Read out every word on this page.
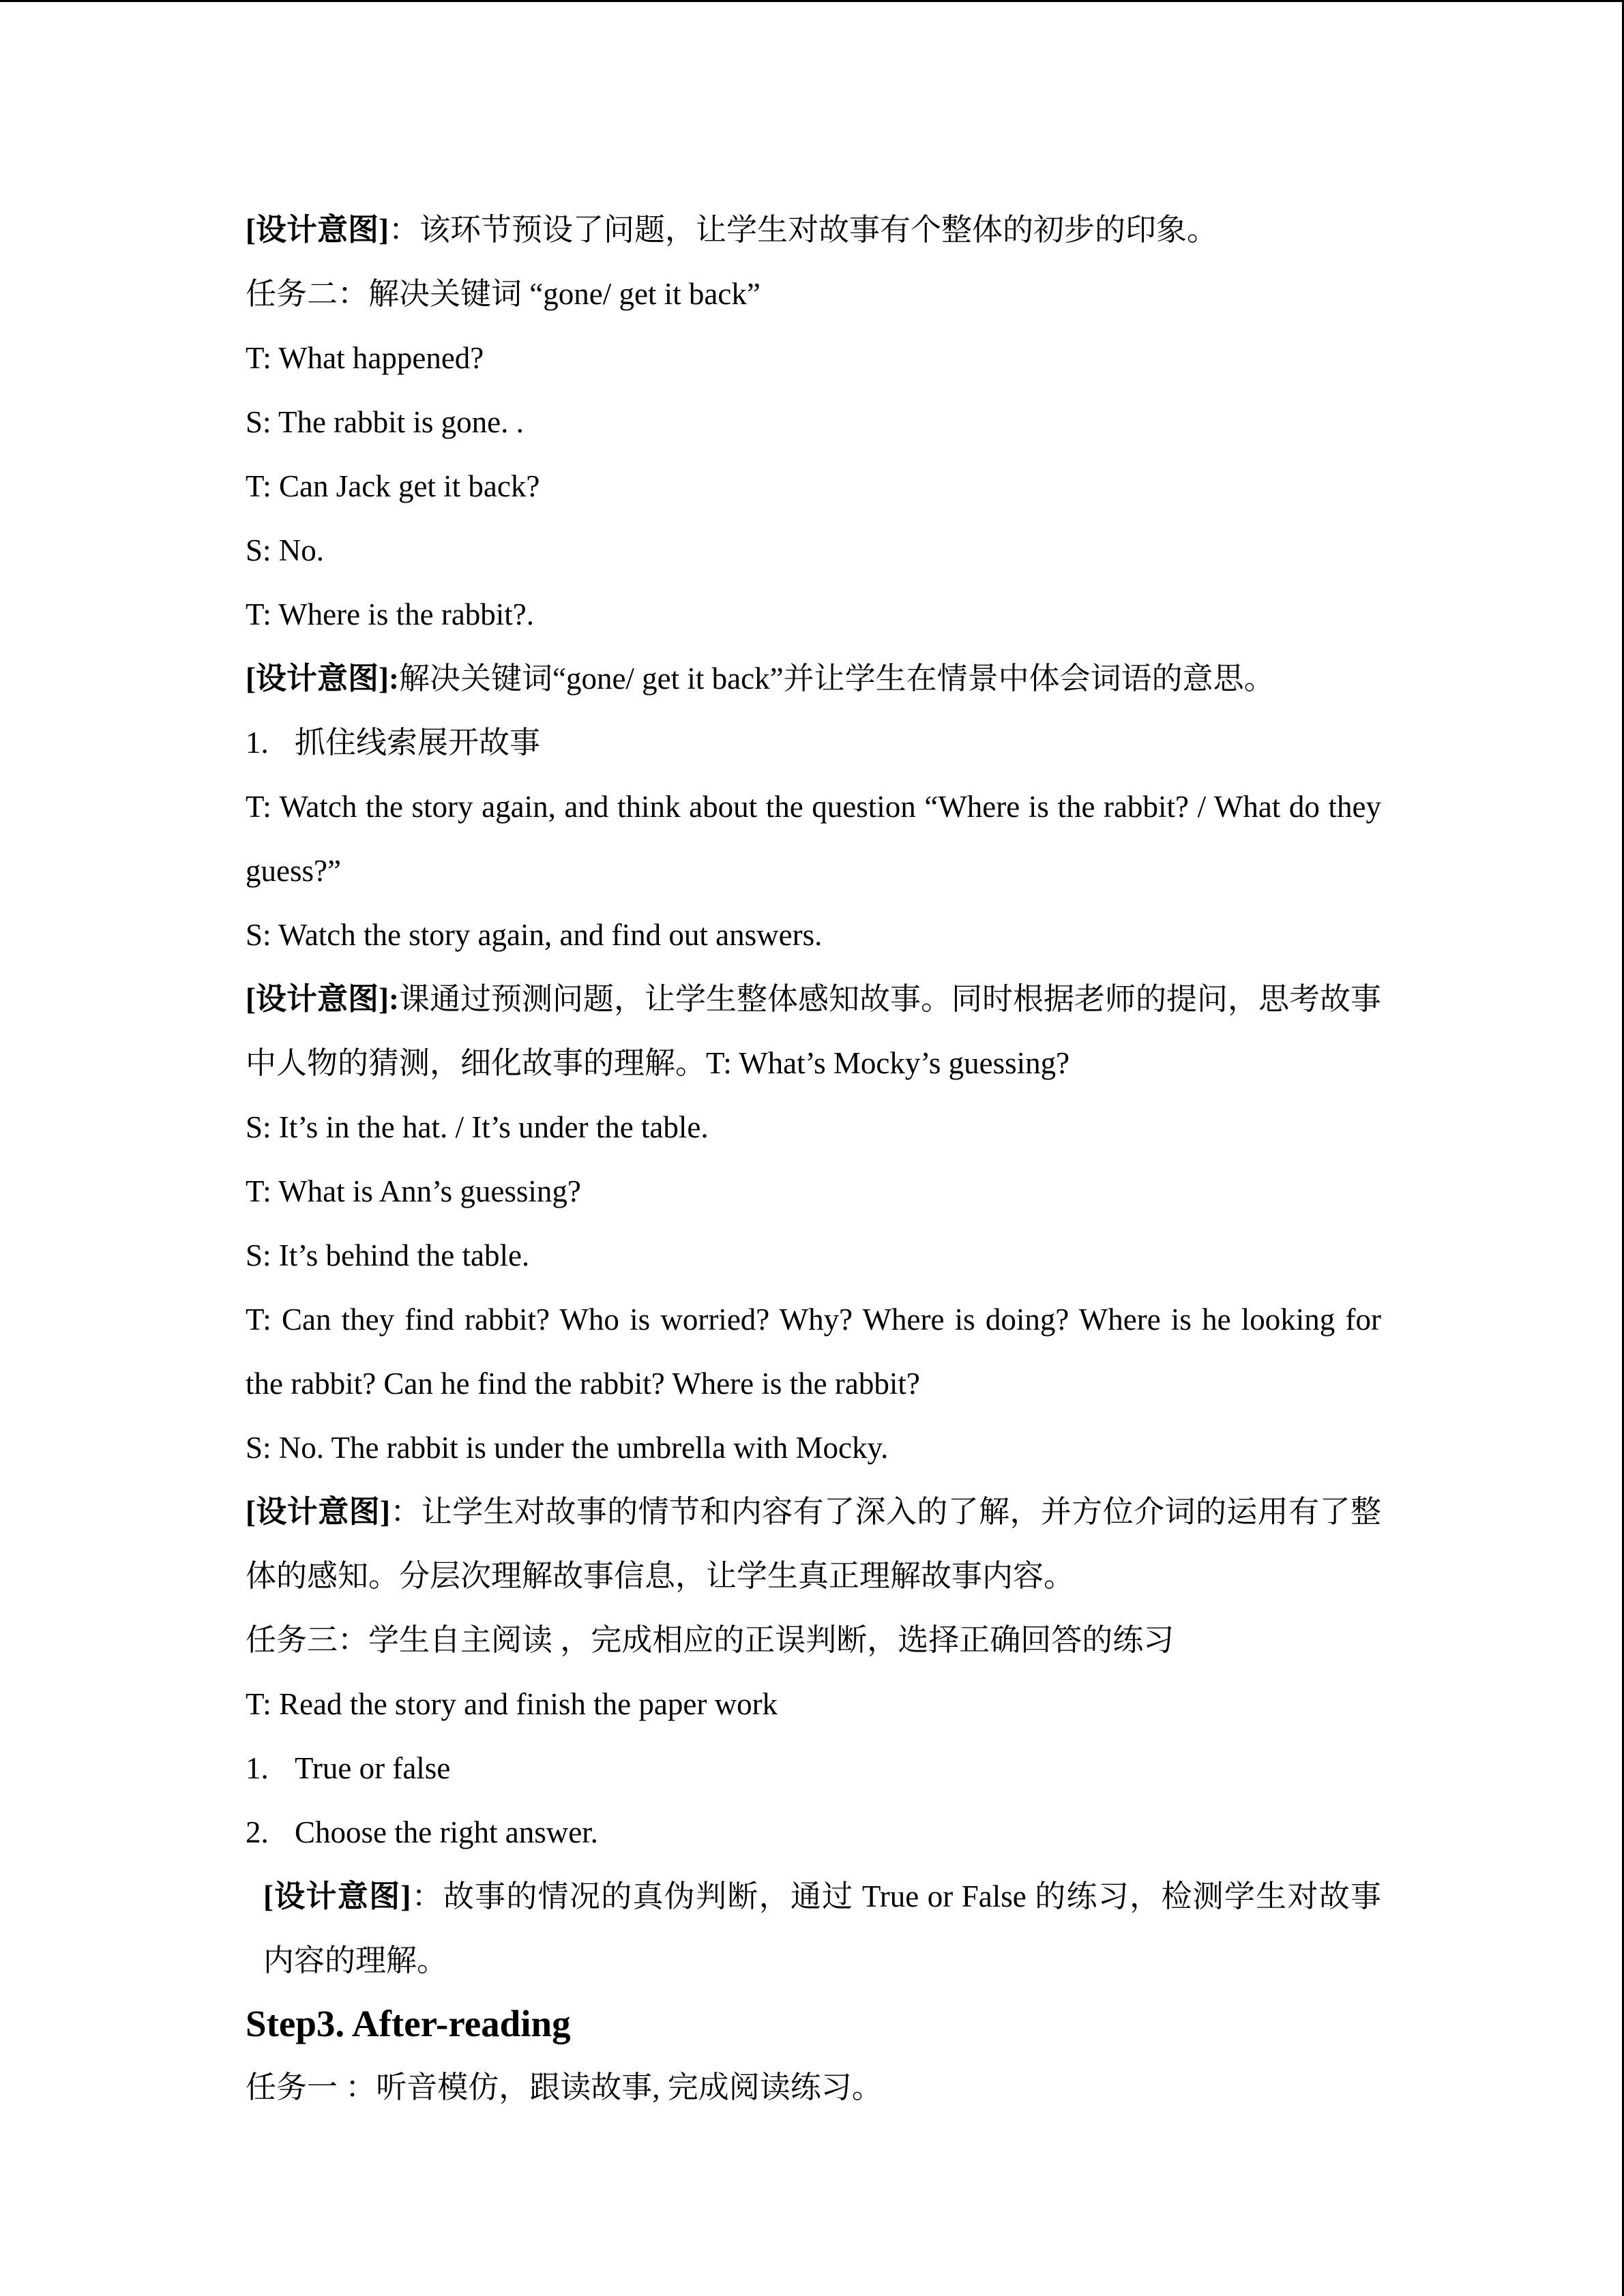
[设计意图]：该环节预设了问题，让学生对故事有个整体的初步的印象。
任务二：解决关键词 “gone/ get it back”
T: What happened?
S: The rabbit is gone. .
T: Can Jack get it back?
S: No.
T: Where is the rabbit?.
[设计意图]:解决关键词“gone/ get it back”并让学生在情景中体会词语的意思。
1. 抓住线索展开故事
T: Watch the story again, and think about the question “Where is the rabbit? / What do they guess?”
S: Watch the story again, and find out answers.
[设计意图]:课通过预测问题，让学生整体感知故事。同时根据老师的提问，思考故事中人物的猜测，细化故事的理解。T: What’s Mocky’s guessing?
S: It’s in the hat. / It’s under the table.
T: What is Ann’s guessing?
S: It’s behind the table.
T: Can they find rabbit? Who is worried? Why? Where is doing? Where is he looking for the rabbit? Can he find the rabbit? Where is the rabbit?
S: No. The rabbit is under the umbrella with Mocky.
[设计意图]：让学生对故事的情节和内容有了深入的了解，并方位介词的运用有了整体的感知。分层次理解故事信息，让学生真正理解故事内容。
任务三：学生自主阅读 ，完成相应的正误判断，选择正确回答的练习
T: Read the story and finish the paper work
1. True or false
2. Choose the right answer.
[设计意图]：故事的情况的真伪判断，通过 True or False 的练习，检测学生对故事内容的理解。
Step3. After-reading
任务一 ：听音模仿，跟读故事, 完成阅读练习。
